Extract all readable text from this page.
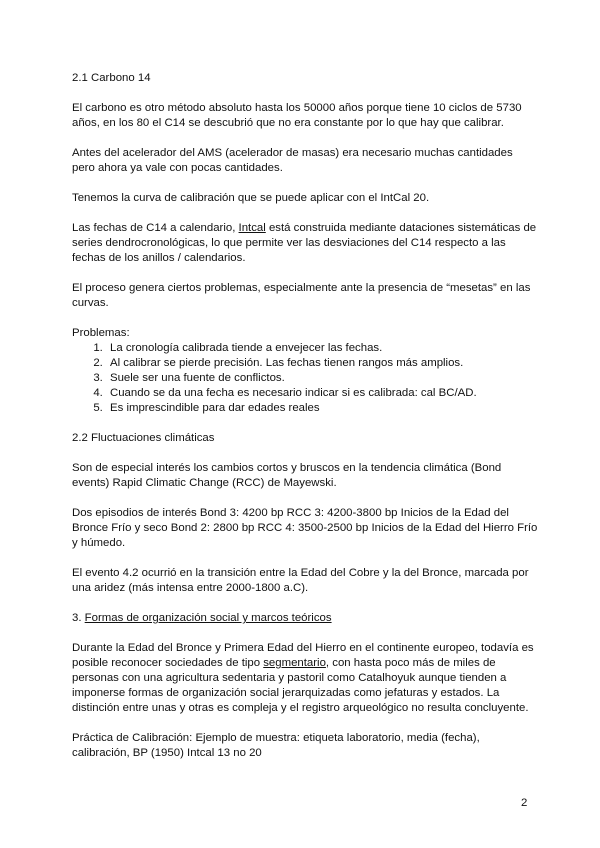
2.1 Carbono 14

El carbono es otro método absoluto hasta los 50000 años porque tiene 10 ciclos de 5730 años, en los 80 el C14 se descubrió que no era constante por lo que hay que calibrar.

Antes del acelerador del AMS (acelerador de masas) era necesario muchas cantidades pero ahora ya vale con pocas cantidades.

Tenemos la curva de calibración que se puede aplicar con el IntCal 20.

Las fechas de C14 a calendario, Intcal está construida mediante dataciones sistemáticas de series dendrocronológicas, lo que permite ver las desviaciones del C14 respecto a las fechas de los anillos / calendarios.

El proceso genera ciertos problemas, especialmente ante la presencia de “mesetas” en las curvas.

Problemas:

1. La cronología calibrada tiende a envejecer las fechas.
2. Al calibrar se pierde precisión. Las fechas tienen rangos más amplios.
3. Suele ser una fuente de conflictos.
4. Cuando se da una fecha es necesario indicar si es calibrada: cal BC/AD.
5. Es imprescindible para dar edades reales

2.2 Fluctuaciones climáticas

Son de especial interés los cambios cortos y bruscos en la tendencia climática (Bond events) Rapid Climatic Change (RCC) de Mayewski.

Dos episodios de interés Bond 3: 4200 bp RCC 3: 4200-3800 bp Inicios de la Edad del Bronce Frío y seco Bond 2: 2800 bp RCC 4: 3500-2500 bp Inicios de la Edad del Hierro Frío y húmedo.

El evento 4.2 ocurrió en la transición entre la Edad del Cobre y la del Bronce, marcada por una aridez (más intensa entre 2000-1800 a.C).

3. Formas de organización social y marcos teóricos

Durante la Edad del Bronce y Primera Edad del Hierro en el continente europeo, todavía es posible reconocer sociedades de tipo segmentario, con hasta poco más de miles de personas con una agricultura sedentaria y pastoril como Catalhoyuk aunque tienden a imponerse formas de organización social jerarquizadas como jefaturas y estados. La distinción entre unas y otras es compleja y el registro arqueológico no resulta concluyente.

Práctica de Calibración: Ejemplo de muestra: etiqueta laboratorio, media (fecha), calibración, BP (1950) Intcal 13 no 20

2
